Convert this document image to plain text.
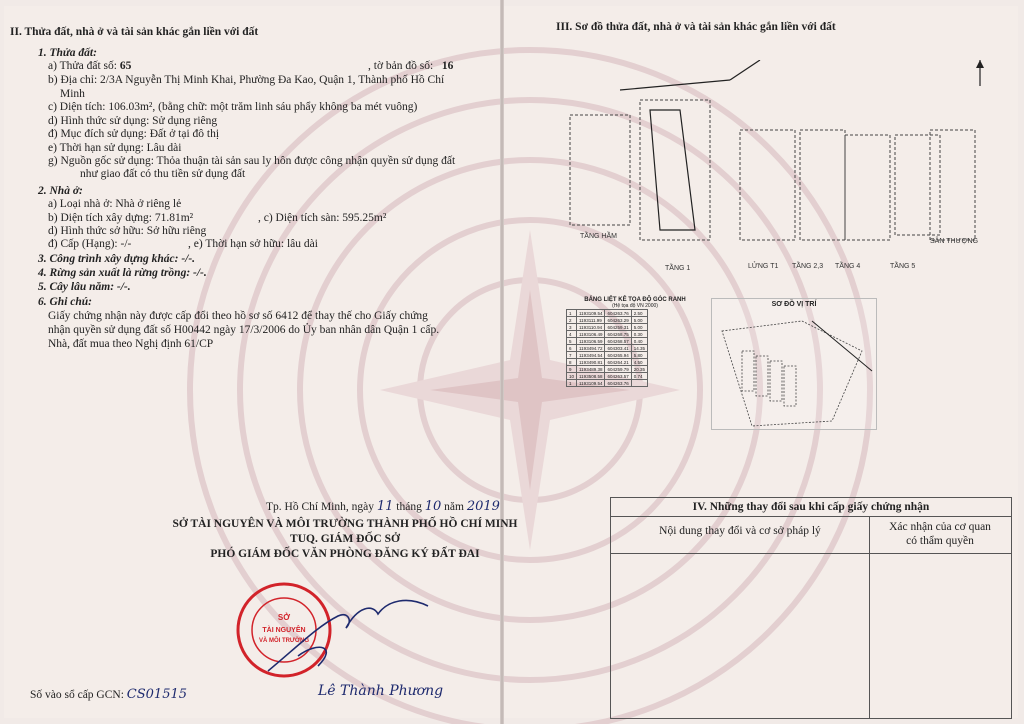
II. Thửa đất, nhà ở và tài sản khác gắn liền với đất
1. Thửa đất:
a) Thửa đất số: 65	, tờ bản đồ số: 16
b) Địa chỉ: 2/3A Nguyễn Thị Minh Khai, Phường Đa Kao, Quận 1, Thành phố Hồ Chí
Minh
c) Diện tích: 106.03m², (bằng chữ: một trăm linh sáu phẩy không ba mét vuông)
d) Hình thức sử dụng: Sử dụng riêng
đ) Mục đích sử dụng: Đất ở tại đô thị
e) Thời hạn sử dụng: Lâu dài
g) Nguồn gốc sử dụng: Thỏa thuận tài sản sau ly hôn được công nhận quyền sử dụng đất
như giao đất có thu tiền sử dụng đất
2. Nhà ở:
a) Loại nhà ở: Nhà ở riêng lẻ
b) Diện tích xây dựng: 71.81m²	, c) Diện tích sàn: 595.25m²
d) Hình thức sở hữu: Sở hữu riêng
đ) Cấp (Hạng): -/-	, e) Thời hạn sở hữu: lâu dài
3. Công trình xây dựng khác: -/-.
4. Rừng sản xuất là rừng trồng: -/-.
5. Cây lâu năm: -/-.
6. Ghi chú:
Giấy chứng nhận này được cấp đổi theo hồ sơ số 6412 để thay thế cho Giấy chứng
nhận quyền sử dụng đất số H00442 ngày 17/3/2006 do Ủy ban nhân dân Quận 1 cấp.
Nhà, đất mua theo Nghị định 61/CP
Tp. Hồ Chí Minh, ngày 11 tháng 10 năm 2019
SỞ TÀI NGUYÊN VÀ MÔI TRƯỜNG THÀNH PHỐ HỒ CHÍ MINH
TUQ. GIÁM ĐỐC SỞ
PHÓ GIÁM ĐỐC VĂN PHÒNG ĐĂNG KÝ ĐẤT ĐAI
SỞ
TÀI NGUYÊN
VÀ MÔI TRƯỜNG
Lê Thành Phương
Số vào sổ cấp GCN: CS01515
III. Sơ đồ thửa đất, nhà ở và tài sản khác gắn liền với đất
TẦNG HẦM
TẦNG 1	LỬNG T1 TẦNG 2,3 TẦNG 4	TẦNG 5
SÂN THƯỢNG
BẢNG LIỆT KÊ TỌA ĐỘ GÓC RANH
(Hệ tọa độ VN 2000)
1	1193109.54	604263.76	2.50
2	1193111.99	604263.29	5.00
3	1193110.94	604259.31	5.00
4	1193106.49	604268.75	0.30
5	1193106.59	604268.57	0.40
6	1193494.72	604303.41	14.35
7	1193494.54	604265.94	5.80
8	1193490.81	604264.21	4.50
9	1193489.38	604259.79	20.35
10	1193508.58	604263.57	0.74
1	1193109.54	604263.76	
SƠ ĐỒ VỊ TRÍ
IV. Những thay đổi sau khi cấp giấy chứng nhận
Nội dung thay đổi và cơ sở pháp lý	Xác nhận của cơ quan
có thẩm quyền
